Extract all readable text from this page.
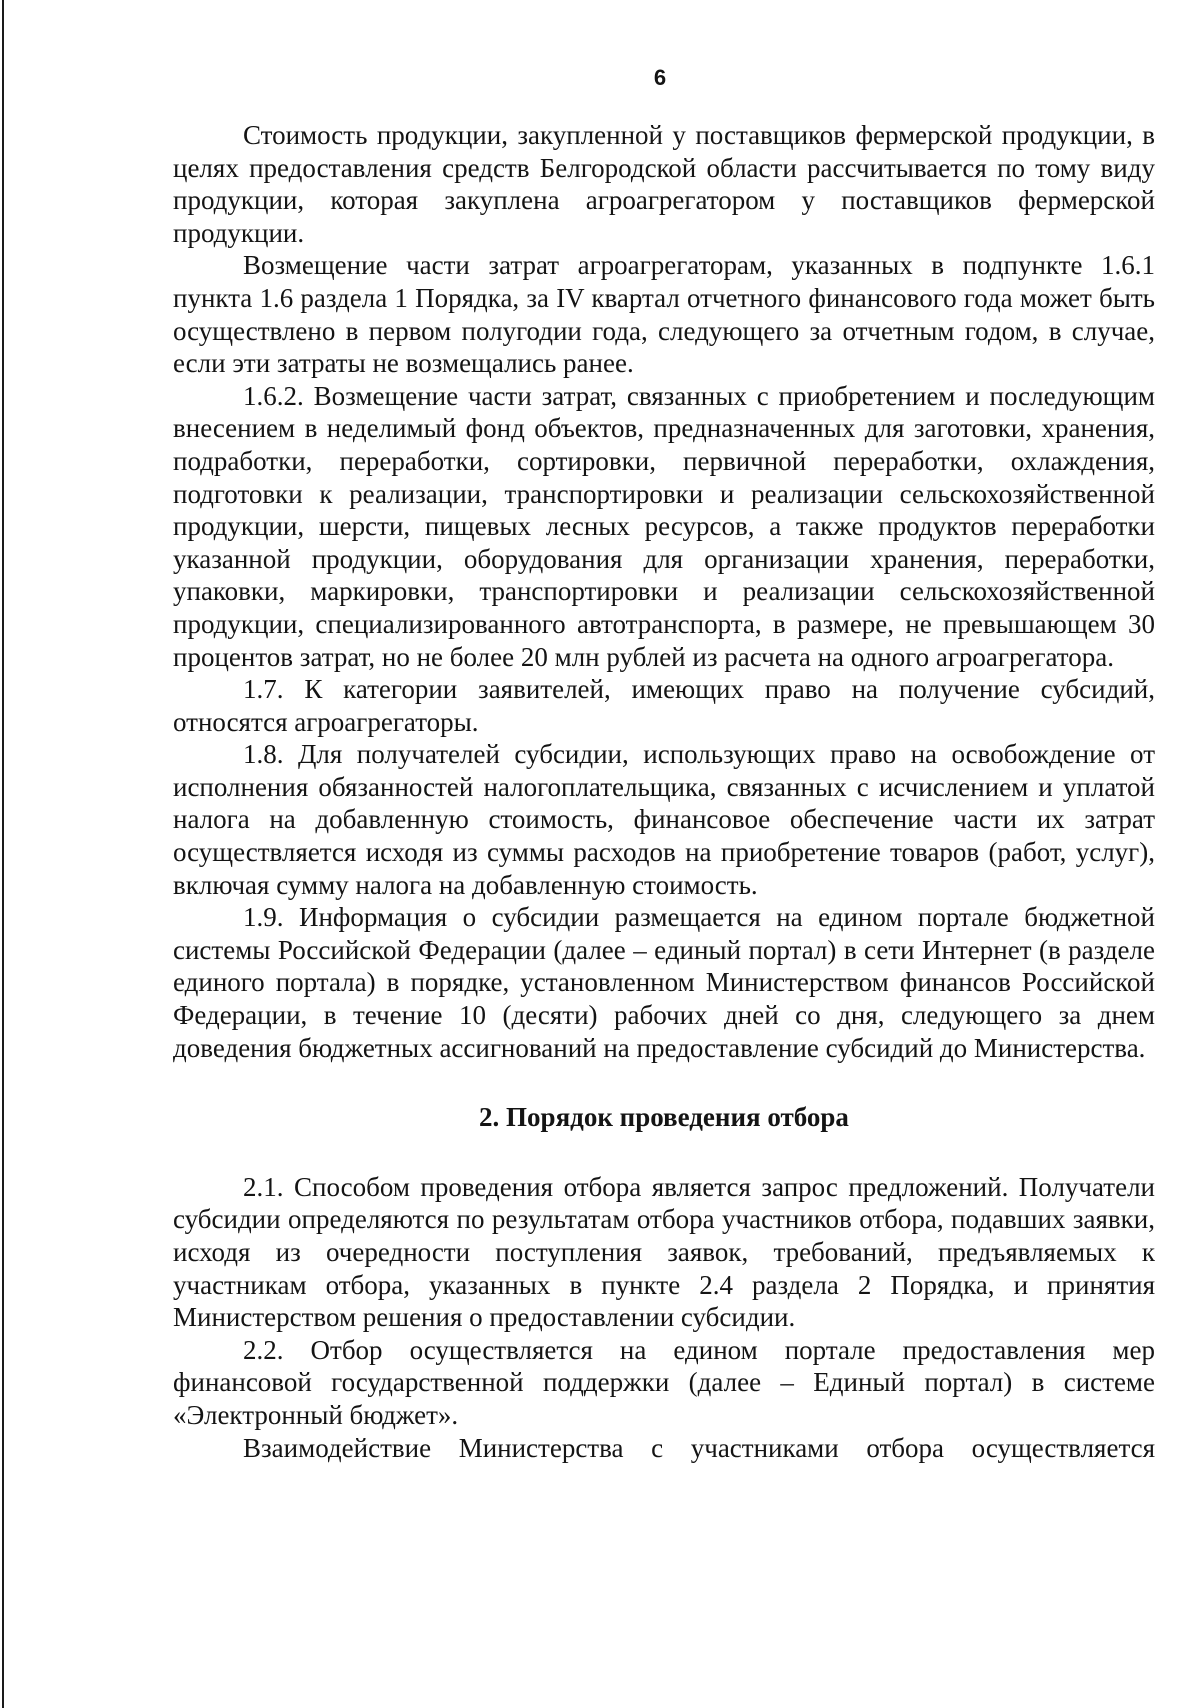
6

Стоимость продукции, закупленной у поставщиков фермерской продукции, в целях предоставления средств Белгородской области рассчитывается по тому виду продукции, которая закуплена агроагрегатором у поставщиков фермерской продукции.

Возмещение части затрат агроагрегаторам, указанных в подпункте 1.6.1 пункта 1.6 раздела 1 Порядка, за IV квартал отчетного финансового года может быть осуществлено в первом полугодии года, следующего за отчетным годом, в случае, если эти затраты не возмещались ранее.

1.6.2. Возмещение части затрат, связанных с приобретением и последующим внесением в неделимый фонд объектов, предназначенных для заготовки, хранения, подработки, переработки, сортировки, первичной переработки, охлаждения, подготовки к реализации, транспортировки и реализации сельскохозяйственной продукции, шерсти, пищевых лесных ресурсов, а также продуктов переработки указанной продукции, оборудования для организации хранения, переработки, упаковки, маркировки, транспортировки и реализации сельскохозяйственной продукции, специализированного автотранспорта, в размере, не превышающем 30 процентов затрат, но не более 20 млн рублей из расчета на одного агроагрегатора.

1.7. К категории заявителей, имеющих право на получение субсидий, относятся агроагрегаторы.

1.8. Для получателей субсидии, использующих право на освобождение от исполнения обязанностей налогоплательщика, связанных с исчислением и уплатой налога на добавленную стоимость, финансовое обеспечение части их затрат осуществляется исходя из суммы расходов на приобретение товаров (работ, услуг), включая сумму налога на добавленную стоимость.

1.9. Информация о субсидии размещается на едином портале бюджетной системы Российской Федерации (далее – единый портал) в сети Интернет (в разделе единого портала) в порядке, установленном Министерством финансов Российской Федерации, в течение 10 (десяти) рабочих дней со дня, следующего за днем доведения бюджетных ассигнований на предоставление субсидий до Министерства.

2. Порядок проведения отбора

2.1. Способом проведения отбора является запрос предложений. Получатели субсидии определяются по результатам отбора участников отбора, подавших заявки, исходя из очередности поступления заявок, требований, предъявляемых к участникам отбора, указанных в пункте 2.4 раздела 2 Порядка, и принятия Министерством решения о предоставлении субсидии.

2.2. Отбор осуществляется на едином портале предоставления мер финансовой государственной поддержки (далее – Единый портал) в системе «Электронный бюджет».

Взаимодействие Министерства с участниками отбора осуществляется
